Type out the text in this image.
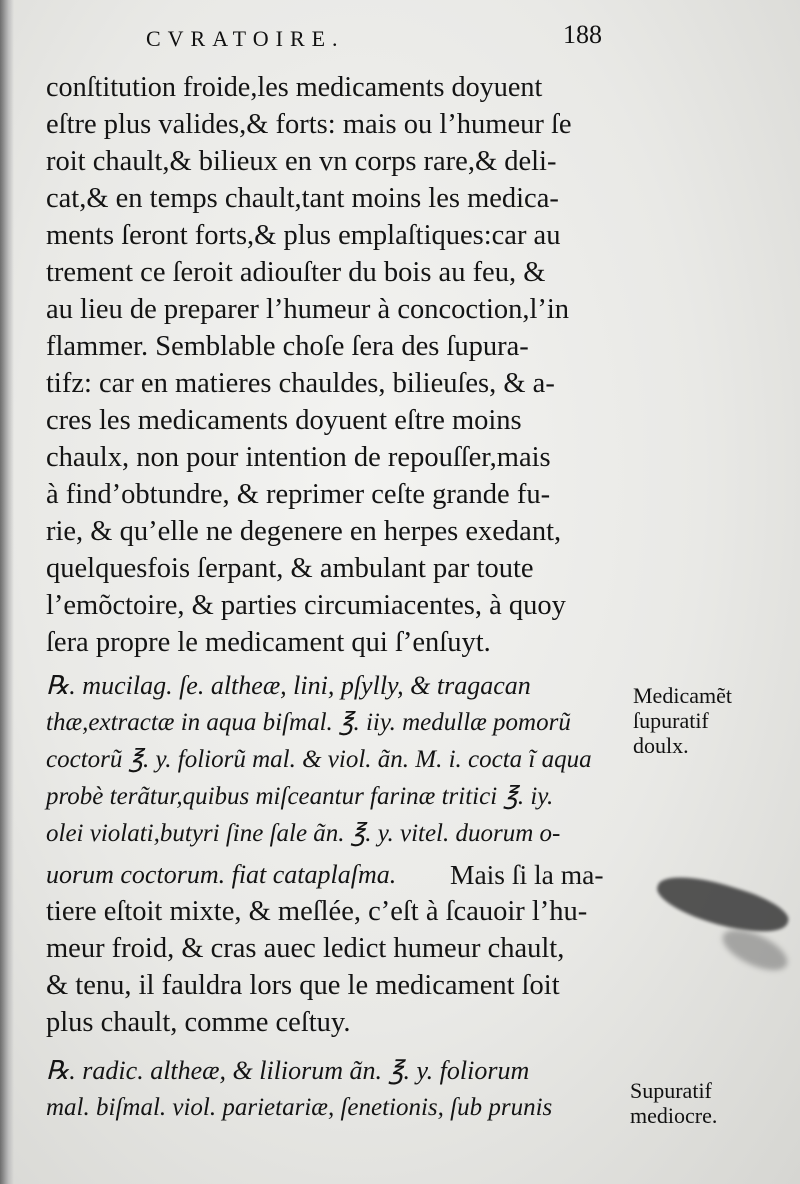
CVRATOIRE.	188
conſtitution froide,les medicaments doyuent
eſtre plus valides,& forts: mais ou l’humeur ſe
roit chault,& bilieux en vn corps rare,& deli-
cat,& en temps chault,tant moins les medica-
ments ſeront forts,& plus emplaſtiques:car au
trement ce ſeroit adiouſter du bois au feu, &
au lieu de preparer l’humeur à concoction,l’in
flammer. Semblable choſe ſera des ſupura-
tifz: car en matieres chauldes, bilieuſes, & a-
cres les medicaments doyuent eſtre moins
chaulx, non pour intention de repouſſer,mais
à find’obtundre, & reprimer ceſte grande fu-
rie, & qu’elle ne degenere en herpes exedant,
quelquesfois ſerpant, & ambulant par toute
l’emõctoire, & parties circumiacentes, à quoy
ſera propre le medicament qui ſ’enſuyt.
℞. mucilag. ſe. altheæ, lini, pſylly, & tragacan
thæ,extractæ in aqua biſmal. ℥. iiy. medullæ pomorũ
coctorũ ℥. y. foliorũ mal. & viol. ãn. M. i. cocta ĩ aqua
probè terãtur,quibus miſceantur farinæ tritici ℥. iy.
olei violati,butyri ſine ſale ãn. ℥. y. vitel. duorum o-
uorum coctorum. fiat cataplaſma. Mais ſi la ma-
tiere eſtoit mixte, & meſlée, c’eſt à ſcauoir l’hu-
meur froid, & cras auec ledict humeur chault,
& tenu, il fauldra lors que le medicament ſoit
plus chault, comme ceſtuy.
℞. radic. altheæ, & liliorum ãn. ℥. y. foliorum
mal. biſmal. viol. parietariæ, ſenetionis, ſub prunis
Medicamẽt
ſupuratif
doulx.
Supuratif
mediocre.
